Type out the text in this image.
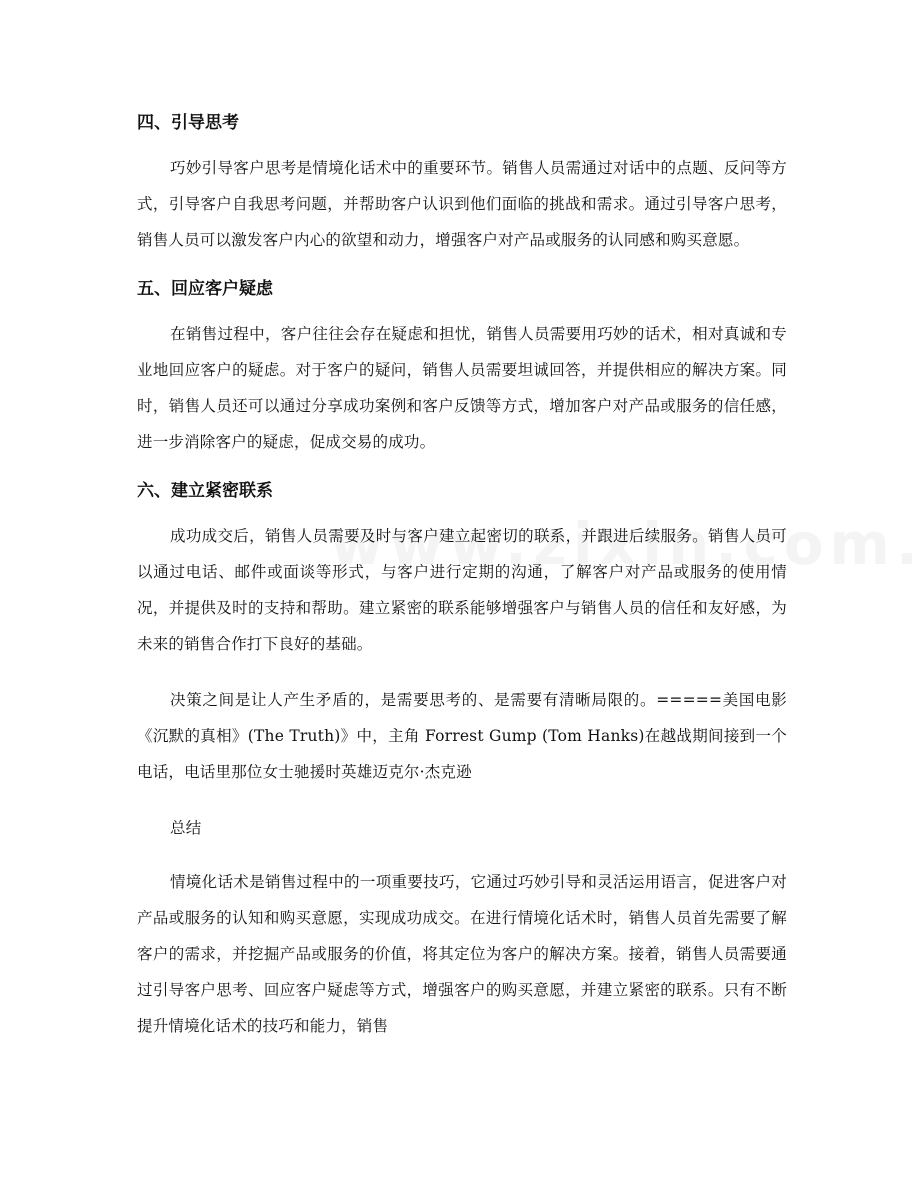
四、引导思考

巧妙引导客户思考是情境化话术中的重要环节。销售人员需通过对话中的点题、反问等方式，引导客户自我思考问题，并帮助客户认识到他们面临的挑战和需求。通过引导客户思考，销售人员可以激发客户内心的欲望和动力，增强客户对产品或服务的认同感和购买意愿。

五、回应客户疑虑

在销售过程中，客户往往会存在疑虑和担忧，销售人员需要用巧妙的话术，相对真诚和专业地回应客户的疑虑。对于客户的疑问，销售人员需要坦诚回答，并提供相应的解决方案。同时，销售人员还可以通过分享成功案例和客户反馈等方式，增加客户对产品或服务的信任感，进一步消除客户的疑虑，促成交易的成功。

六、建立紧密联系

成功成交后，销售人员需要及时与客户建立起密切的联系，并跟进后续服务。销售人员可以通过电话、邮件或面谈等形式，与客户进行定期的沟通，了解客户对产品或服务的使用情况，并提供及时的支持和帮助。建立紧密的联系能够增强客户与销售人员的信任和友好感，为未来的销售合作打下良好的基础。

决策之间是让人产生矛盾的，是需要思考的、是需要有清晰局限的。=====美国电影《沉默的真相》(The Truth)》中，主角 Forrest Gump (Tom Hanks)在越战期间接到一个电话，电话里那位女士驰援时英雄迈克尔·杰克逊

总结

情境化话术是销售过程中的一项重要技巧，它通过巧妙引导和灵活运用语言，促进客户对产品或服务的认知和购买意愿，实现成功成交。在进行情境化话术时，销售人员首先需要了解客户的需求，并挖掘产品或服务的价值，将其定位为客户的解决方案。接着，销售人员需要通过引导客户思考、回应客户疑虑等方式，增强客户的购买意愿，并建立紧密的联系。只有不断提升情境化话术的技巧和能力，销售
